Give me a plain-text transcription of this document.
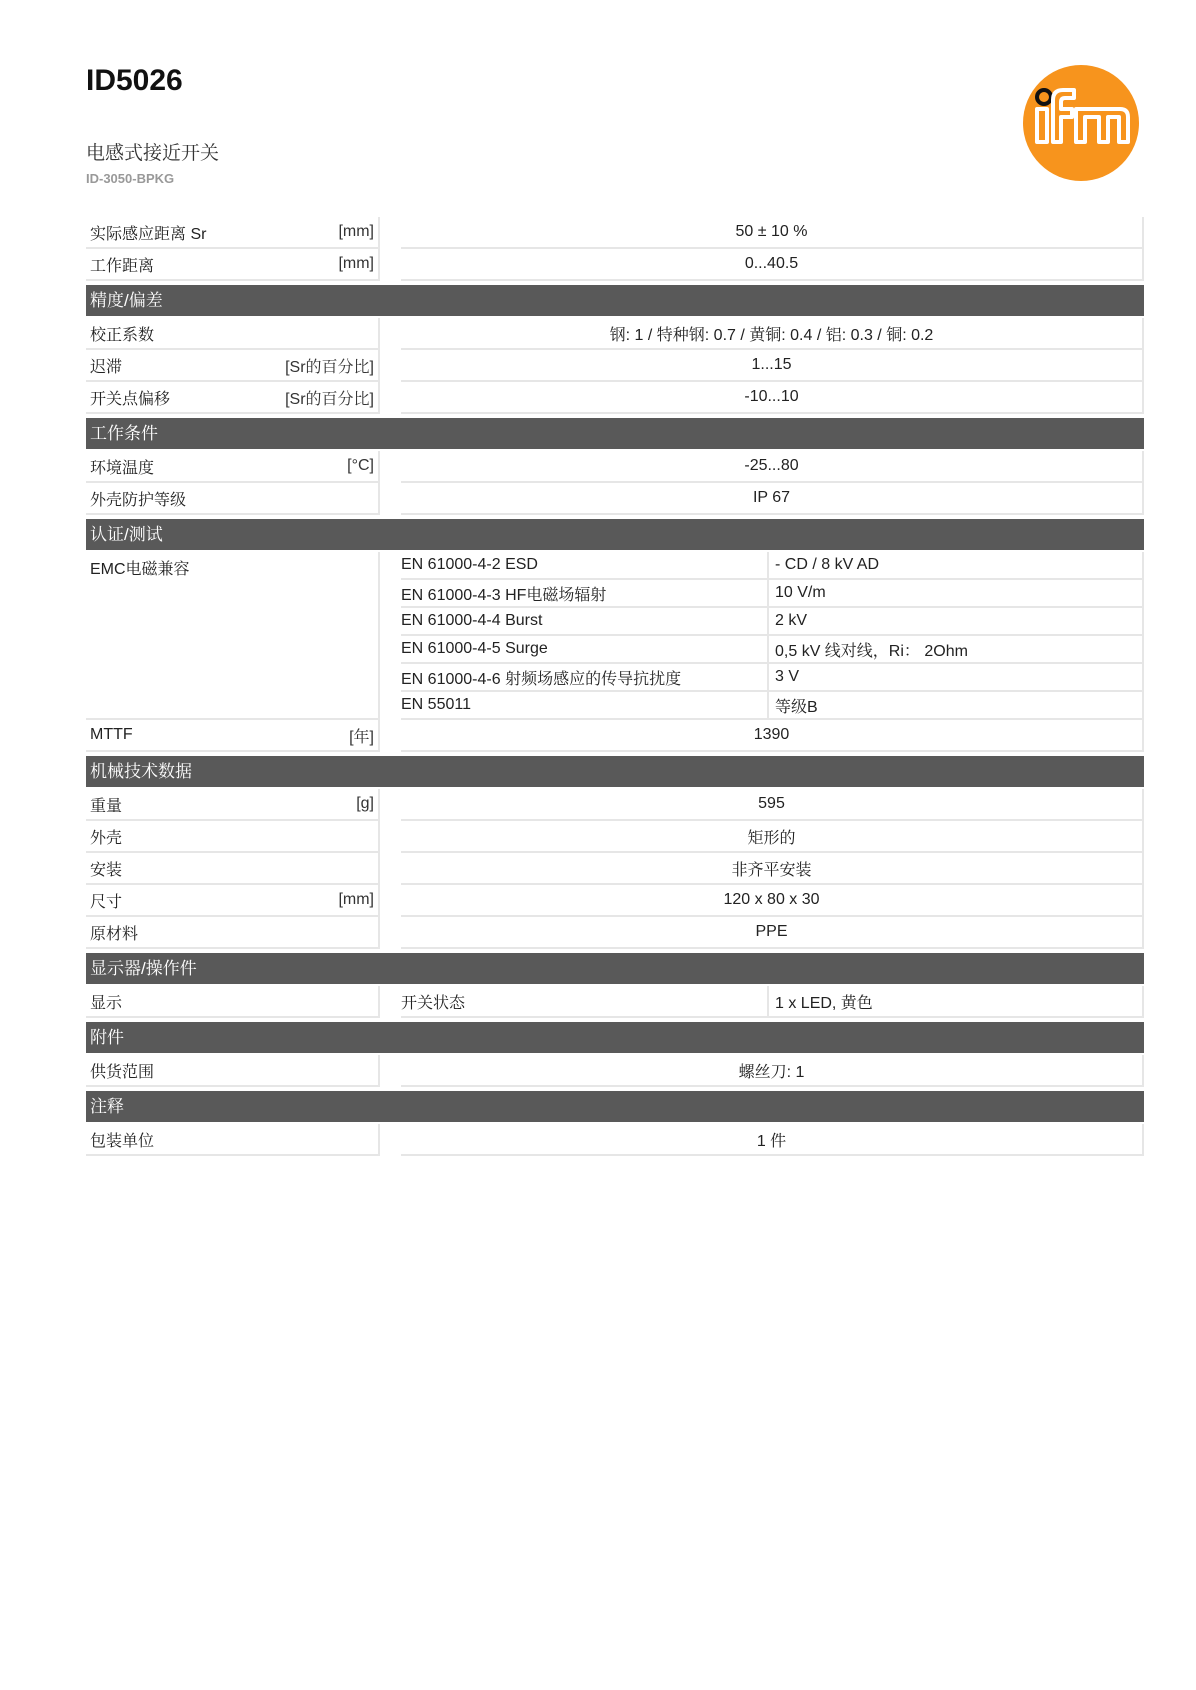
ID5026
电感式接近开关
ID-3050-BPKG
实际感应距离 Sr	[mm]	50 ± 10 %
工作距离	[mm]	0...40.5
精度/偏差
校正系数	钢: 1 / 特种钢: 0.7 / 黄铜: 0.4 / 铝: 0.3 / 铜: 0.2
迟滞	[Sr的百分比]	1...15
开关点偏移	[Sr的百分比]	-10...10
工作条件
环境温度	[°C]	-25...80
外壳防护等级	IP 67
认证/测试
EMC电磁兼容	EN 61000-4-2 ESD	- CD / 8 kV AD
EN 61000-4-3 HF电磁场辐射	10 V/m
EN 61000-4-4 Burst	2 kV
EN 61000-4-5 Surge	0,5 kV 线对线，Ri： 2Ohm
EN 61000-4-6 射频场感应的传导抗扰度	3 V
EN 55011	等级B
MTTF	[年]	1390
机械技术数据
重量	[g]	595
外壳	矩形的
安装	非齐平安装
尺寸	[mm]	120 x 80 x 30
原材料	PPE
显示器/操作件
显示	开关状态	1 x LED, 黄色
附件
供货范围	螺丝刀: 1
注释
包装单位	1 件
